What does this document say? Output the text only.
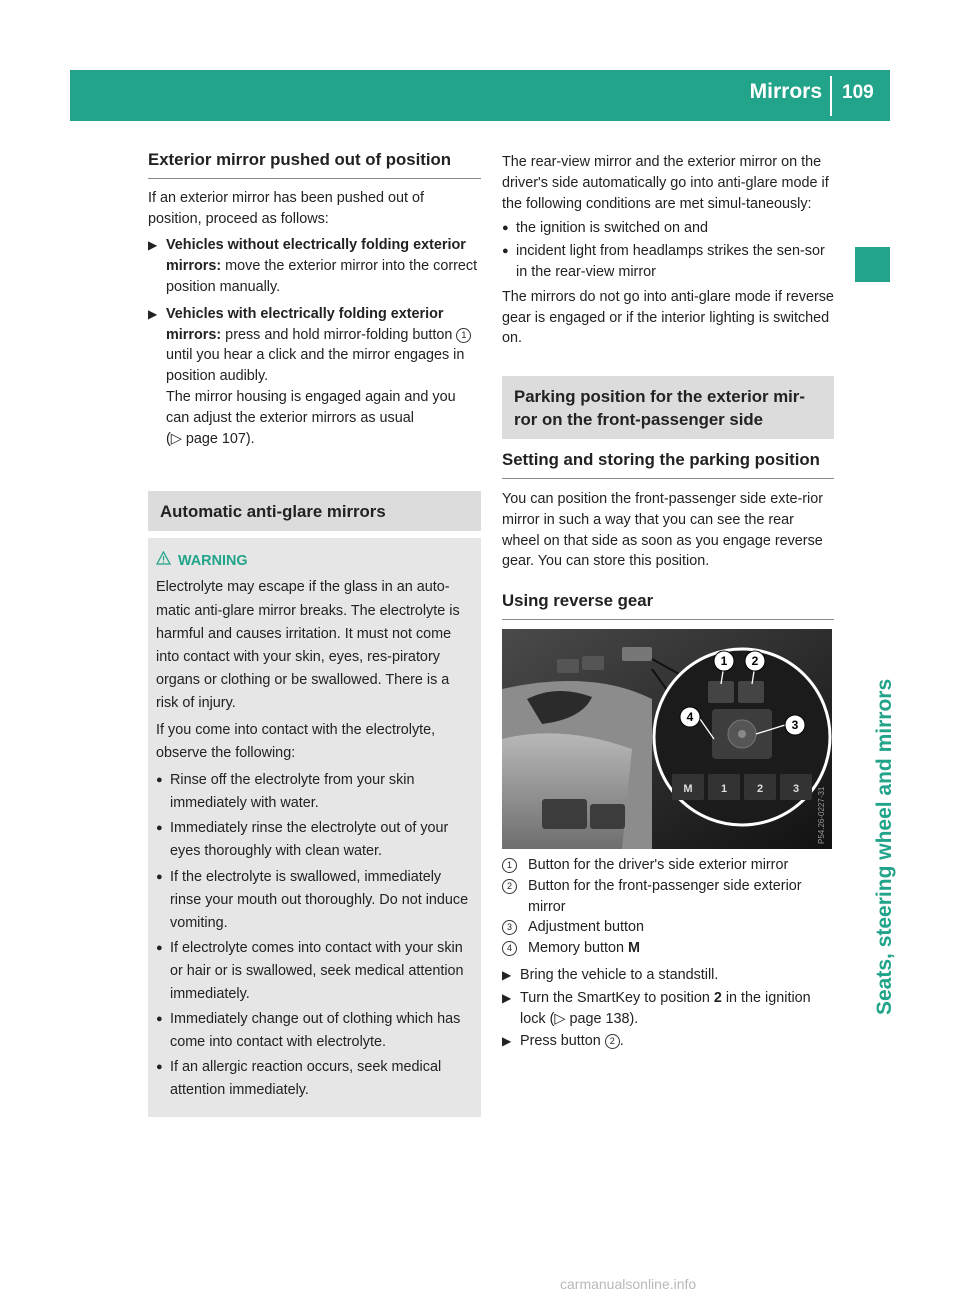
Mirrors 109
Seats, steering wheel and mirrors
Exterior mirror pushed out of position

If an exterior mirror has been pushed out of position, proceed as follows:

▶ Vehicles without electrically folding exterior mirrors: move the exterior mirror into the correct position manually.
▶ Vehicles with electrically folding exterior mirrors: press and hold mirror-folding button 1 until you hear a click and the mirror engages in position audibly.
The mirror housing is engaged again and you can adjust the exterior mirrors as usual
(▷ page 107).
Automatic anti-glare mirrors
WARNING

Electrolyte may escape if the glass in an auto-matic anti-glare mirror breaks. The electrolyte is harmful and causes irritation. It must not come into contact with your skin, eyes, res-piratory organs or clothing or be swallowed. There is a risk of injury.

If you come into contact with the electrolyte, observe the following:

● Rinse off the electrolyte from your skin immediately with water.
● Immediately rinse the electrolyte out of your eyes thoroughly with clean water.
● If the electrolyte is swallowed, immediately rinse your mouth out thoroughly. Do not induce vomiting.
● If electrolyte comes into contact with your skin or hair or is swallowed, seek medical attention immediately.
● Immediately change out of clothing which has come into contact with electrolyte.
● If an allergic reaction occurs, seek medical attention immediately.

The rear-view mirror and the exterior mirror on the driver's side automatically go into anti-glare mode if the following conditions are met simul-taneously:

● the ignition is switched on and
● incident light from headlamps strikes the sen-sor in the rear-view mirror

The mirrors do not go into anti-glare mode if reverse gear is engaged or if the interior lighting is switched on.

Parking position for the exterior mir-ror on the front-passenger side
Setting and storing the parking position

You can position the front-passenger side exte-rior mirror in such a way that you can see the rear wheel on that side as soon as you engage reverse gear. You can store this position.

Using reverse gear
1 2
3
4
M	1	2	3 P54.26-0227-31
1	Button for the driver's side exterior mirror
2	Button for the front-passenger side exterior mirror
3	Adjustment button
4	Memory button M
▶ Bring the vehicle to a standstill.
▶ Turn the SmartKey to position 2 in the ignition lock (▷ page 138).
▶ Press button 2 .
carmanualsonline.info
